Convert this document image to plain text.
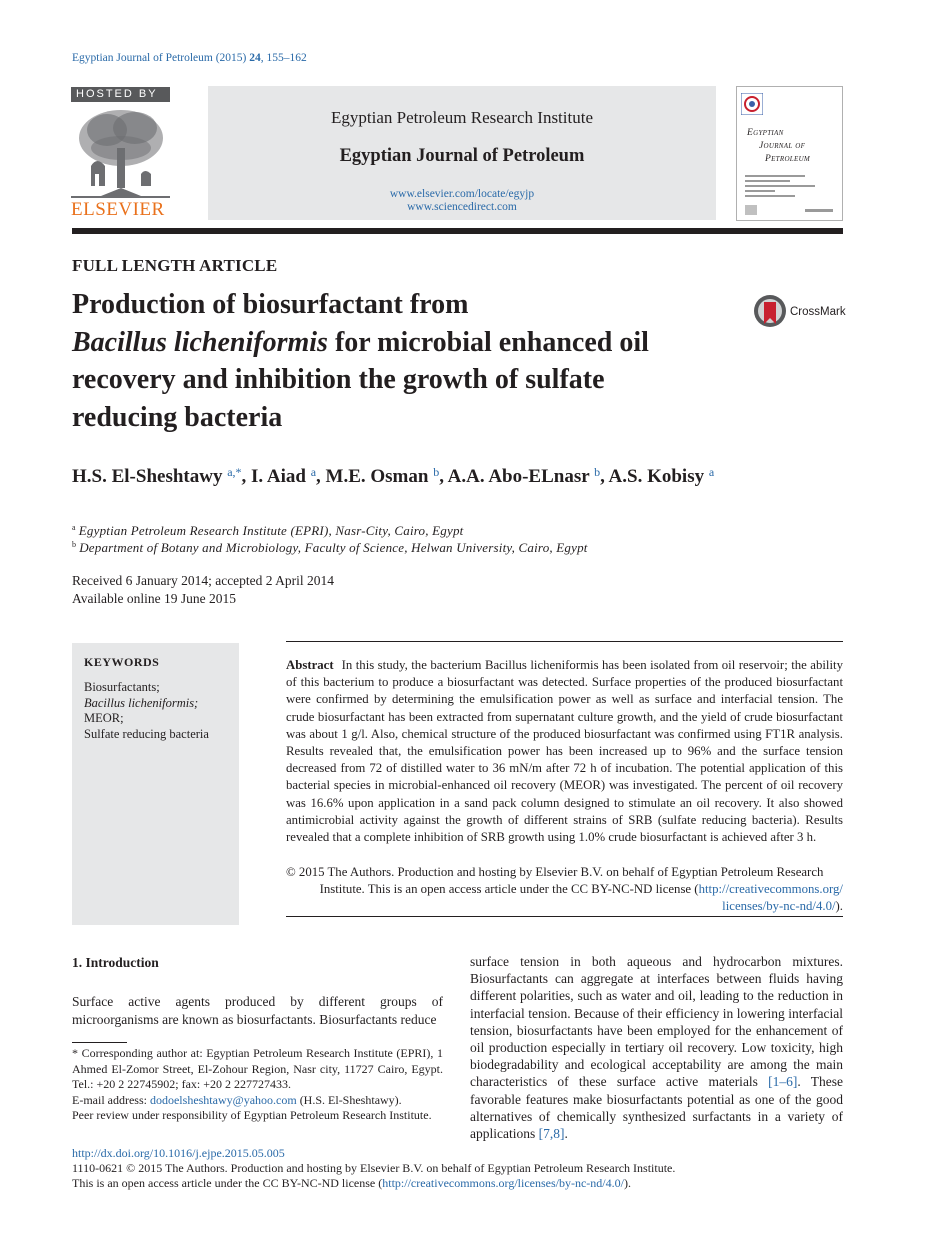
Egyptian Journal of Petroleum (2015) 24, 155–162
HOSTED BY
ELSEVIER
Egyptian Petroleum Research Institute
Egyptian Journal of Petroleum
www.elsevier.com/locate/egyjp
www.sciencedirect.com
Egyptian
Journal of
Petroleum
FULL LENGTH ARTICLE
Production of biosurfactant from
Bacillus licheniformis for microbial enhanced oil
recovery and inhibition the growth of sulfate
reducing bacteria
CrossMark
H.S. El-Sheshtawy $^{a,*}$, I. Aiad $^a$, M.E. Osman $^b$, A.A. Abo-ELnasr $^b$, A.S. Kobisy $^a$
$^a$ Egyptian Petroleum Research Institute (EPRI), Nasr-City, Cairo, Egypt
$^b$ Department of Botany and Microbiology, Faculty of Science, Helwan University, Cairo, Egypt
Received 6 January 2014; accepted 2 April 2014
Available online 19 June 2015
KEYWORDS
Biosurfactants;
Bacillus licheniformis;
MEOR;
Sulfate reducing bacteria
Abstract In this study, the bacterium Bacillus licheniformis has been isolated from oil reservoir; the ability of this bacterium to produce a biosurfactant was detected. Surface properties of the produced biosurfactant were confirmed by determining the emulsification power as well as surface and interfacial tension. The crude biosurfactant has been extracted from supernatant culture growth, and the yield of crude biosurfactant was about 1 g/l. Also, chemical structure of the produced biosurfactant was confirmed using FT1R analysis. Results revealed that, the emulsification power has been increased up to 96% and the surface tension decreased from 72 of distilled water to 36 mN/m after 72 h of incubation. The potential application of this bacterial species in microbial-enhanced oil recovery (MEOR) was investigated. The percent of oil recovery was 16.6% upon application in a sand pack column designed to stimulate an oil recovery. It also showed antimicrobial activity against the growth of different strains of SRB (sulfate reducing bacteria). Results revealed that a complete inhibition of SRB growth using 1.0% crude biosurfactant is achieved after 3 h.
© 2015 The Authors. Production and hosting by Elsevier B.V. on behalf of Egyptian Petroleum Research
Institute. This is an open access article under the CC BY-NC-ND license (http://creativecommons.org/
licenses/by-nc-nd/4.0/).
1. Introduction
Surface active agents produced by different groups of microorganisms are known as biosurfactants. Biosurfactants reduce
* Corresponding author at: Egyptian Petroleum Research Institute (EPRI), 1 Ahmed El-Zomor Street, El-Zohour Region, Nasr city, 11727 Cairo, Egypt. Tel.: +20 2 22745902; fax: +20 2 227727433.
E-mail address: dodoelsheshtawy@yahoo.com (H.S. El-Sheshtawy).
Peer review under responsibility of Egyptian Petroleum Research Institute.
surface tension in both aqueous and hydrocarbon mixtures. Biosurfactants can aggregate at interfaces between fluids having different polarities, such as water and oil, leading to the reduction in interfacial tension. Because of their efficiency in lowering interfacial tension, biosurfactants have been employed for the enhancement of oil production especially in tertiary oil recovery. Low toxicity, high biodegradability and ecological acceptability are among the main characteristics of these surface active materials [1–6]. These favorable features make biosurfactants potential as one of the good alternatives of chemically synthesized surfactants in a variety of applications [7,8].
http://dx.doi.org/10.1016/j.ejpe.2015.05.005
1110-0621 © 2015 The Authors. Production and hosting by Elsevier B.V. on behalf of Egyptian Petroleum Research Institute.
This is an open access article under the CC BY-NC-ND license (http://creativecommons.org/licenses/by-nc-nd/4.0/).
